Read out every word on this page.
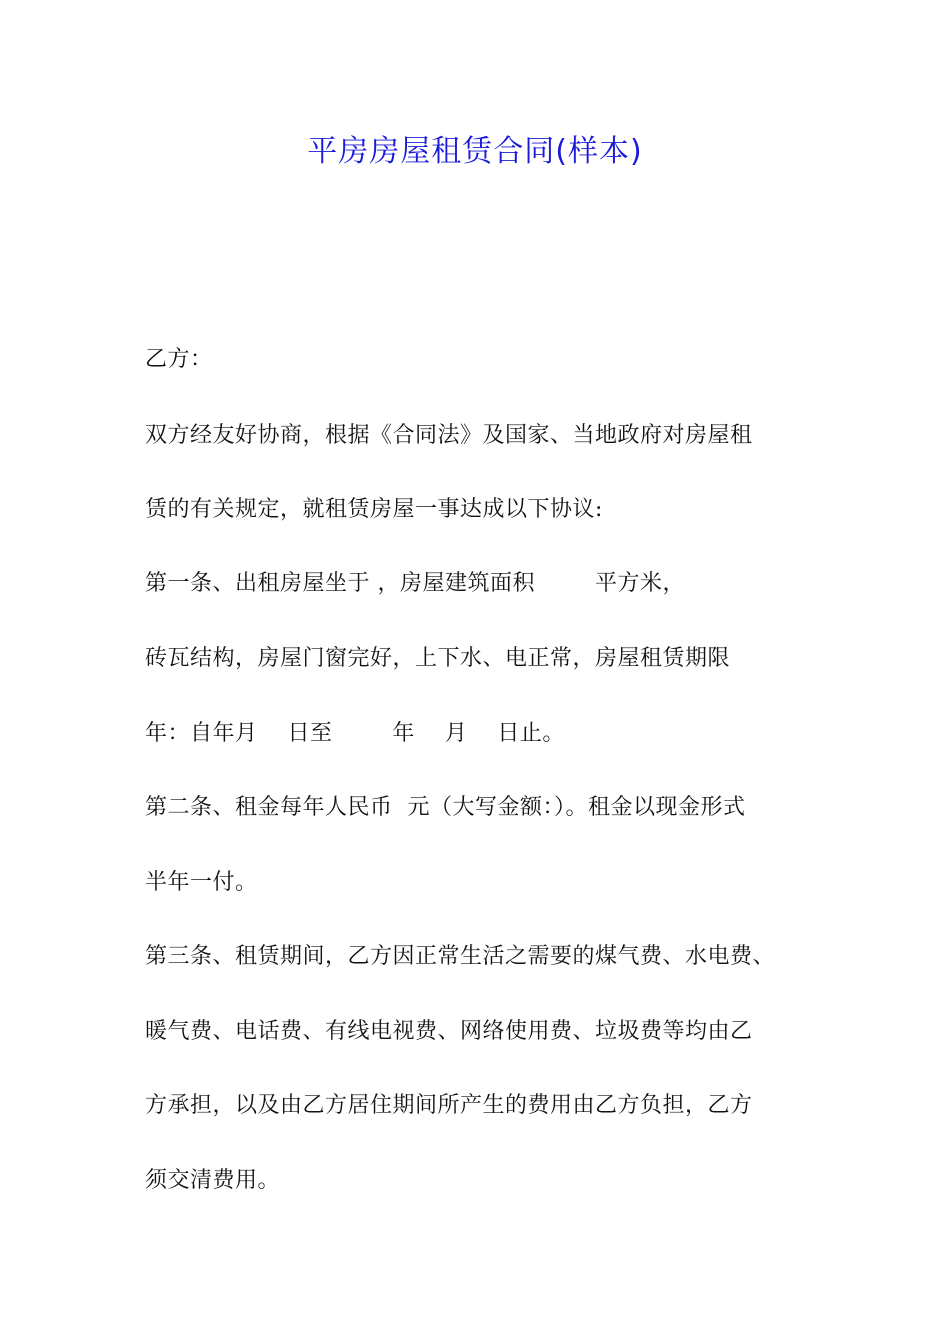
平房房屋租赁合同(样本)
乙方：
双方经友好协商，根据《合同法》及国家、当地政府对房屋租
赁的有关规定，就租赁房屋一事达成以下协议:
第一条、出租房屋坐于 ，房屋建筑面积        平方米，
砖瓦结构，房屋门窗完好，上下水、电正常，房屋租赁期限
年：自年月    日至        年    月    日止。
第二条、租金每年人民币  元（大写金额：）。租金以现金形式
半年一付。
第三条、租赁期间，乙方因正常生活之需要的煤气费、水电费、
暖气费、电话费、有线电视费、网络使用费、垃圾费等均由乙
方承担，以及由乙方居住期间所产生的费用由乙方负担，乙方
须交清费用。
